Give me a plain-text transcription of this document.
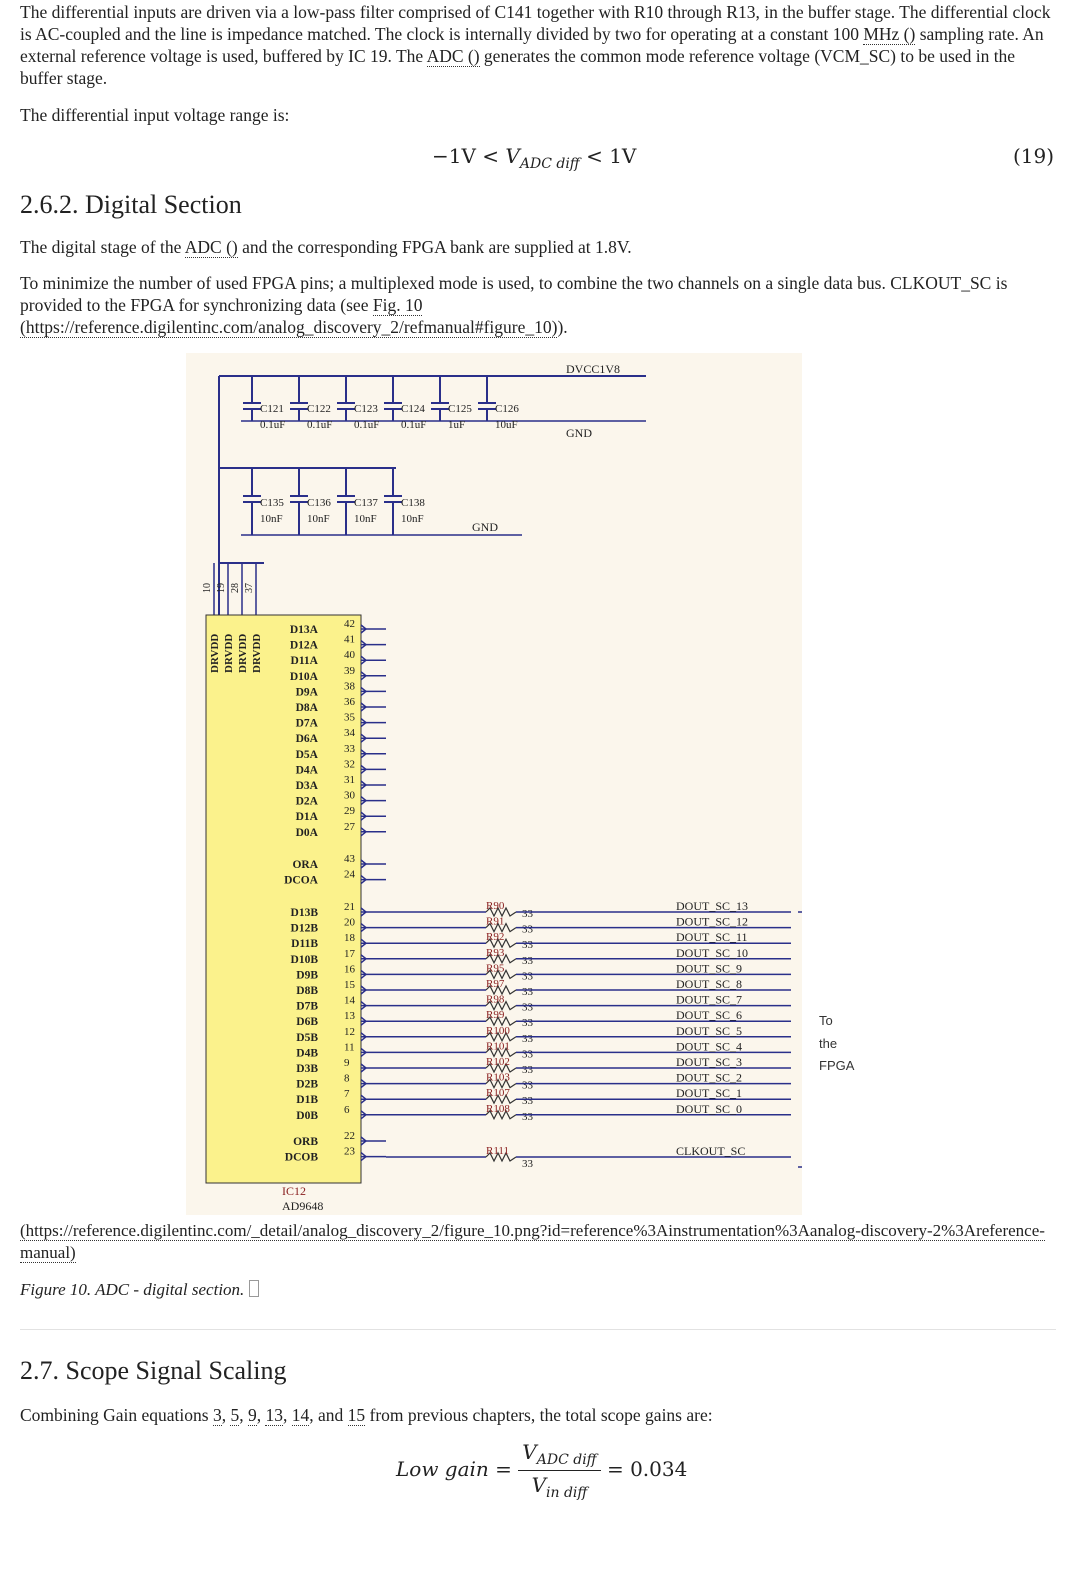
The differential inputs are driven via a low-pass filter comprised of C141 together with R10 through R13, in the buffer stage. The differential clock is AC-coupled and the line is impedance matched. The clock is internally divided by two for operating at a constant 100 MHz () sampling rate. An external reference voltage is used, buffered by IC 19. The ADC () generates the common mode reference voltage (VCM_SC) to be used in the buffer stage.

The differential input voltage range is:

$-1V < V_{ADC diff} < 1V$	(19)
2.6.2. Digital Section

The digital stage of the ADC () and the corresponding FPGA bank are supplied at 1.8V.

To minimize the number of used FPGA pins; a multiplexed mode is used, to combine the two channels on a single data bus. CLKOUT_SC is provided to the FPGA for synchronizing data (see Fig. 10
(https://reference.digilentinc.com/analog_discovery_2/refmanual#figure_10)).

(https://reference.digilentinc.com/_detail/analog_discovery_2/figure_10.png?id=reference%3Ainstrumentation%3Aanalog-discovery-2%3Areference-manual)

Figure 10. ADC - digital section.
2.7. Scope Signal Scaling

Combining Gain equations 3, 5, 9, 13, 14, and 15 from previous chapters, the total scope gains are:

Low gain = $\frac{V_{ADC diff}}{V_{in diff}} = 0.034$
DVCC1V8
GND
C121
0.1uF
C122
0.1uF
C123
0.1uF
C124
0.1uF
C125
1uF
C126
10uF
GND
C135
10nF
C136
10nF
C137
10nF
C138
10nF
10 19 28 37
DRVDD DRVDD DRVDD DRVDD
D13A 42
D12A 41
D11A 40
D10A 39
D9A 38
D8A 36
D7A 35
D6A 34
D5A 33
D4A 32
D3A 31
D2A 30
D1A 29
D0A 27
ORA 43
DCOA 24
D13B 21	R90
33
DOUT_SC_13
D12B 20	R91
33
DOUT_SC_12
D11B 18	R92
33
DOUT_SC_11
D10B 17	R93
33
DOUT_SC_10
D9B 16	R95
33
DOUT_SC_9
D8B 15	R97
33
DOUT_SC_8
D7B 14	R98
33
DOUT_SC_7
D6B 13	R99
33
DOUT_SC_6
D5B 12	R100
33
DOUT_SC_5
D4B 11	R101
33
DOUT_SC_4
D3B 9	R102
33
DOUT_SC_3
D2B 8	R103
33
DOUT_SC_2
D1B 7	R107
33
DOUT_SC_1
D0B 6	R108
33
DOUT_SC_0
ORB 22
DCOB 23	R111
33
CLKOUT_SC
IC12
AD9648
To
the
FPGA
